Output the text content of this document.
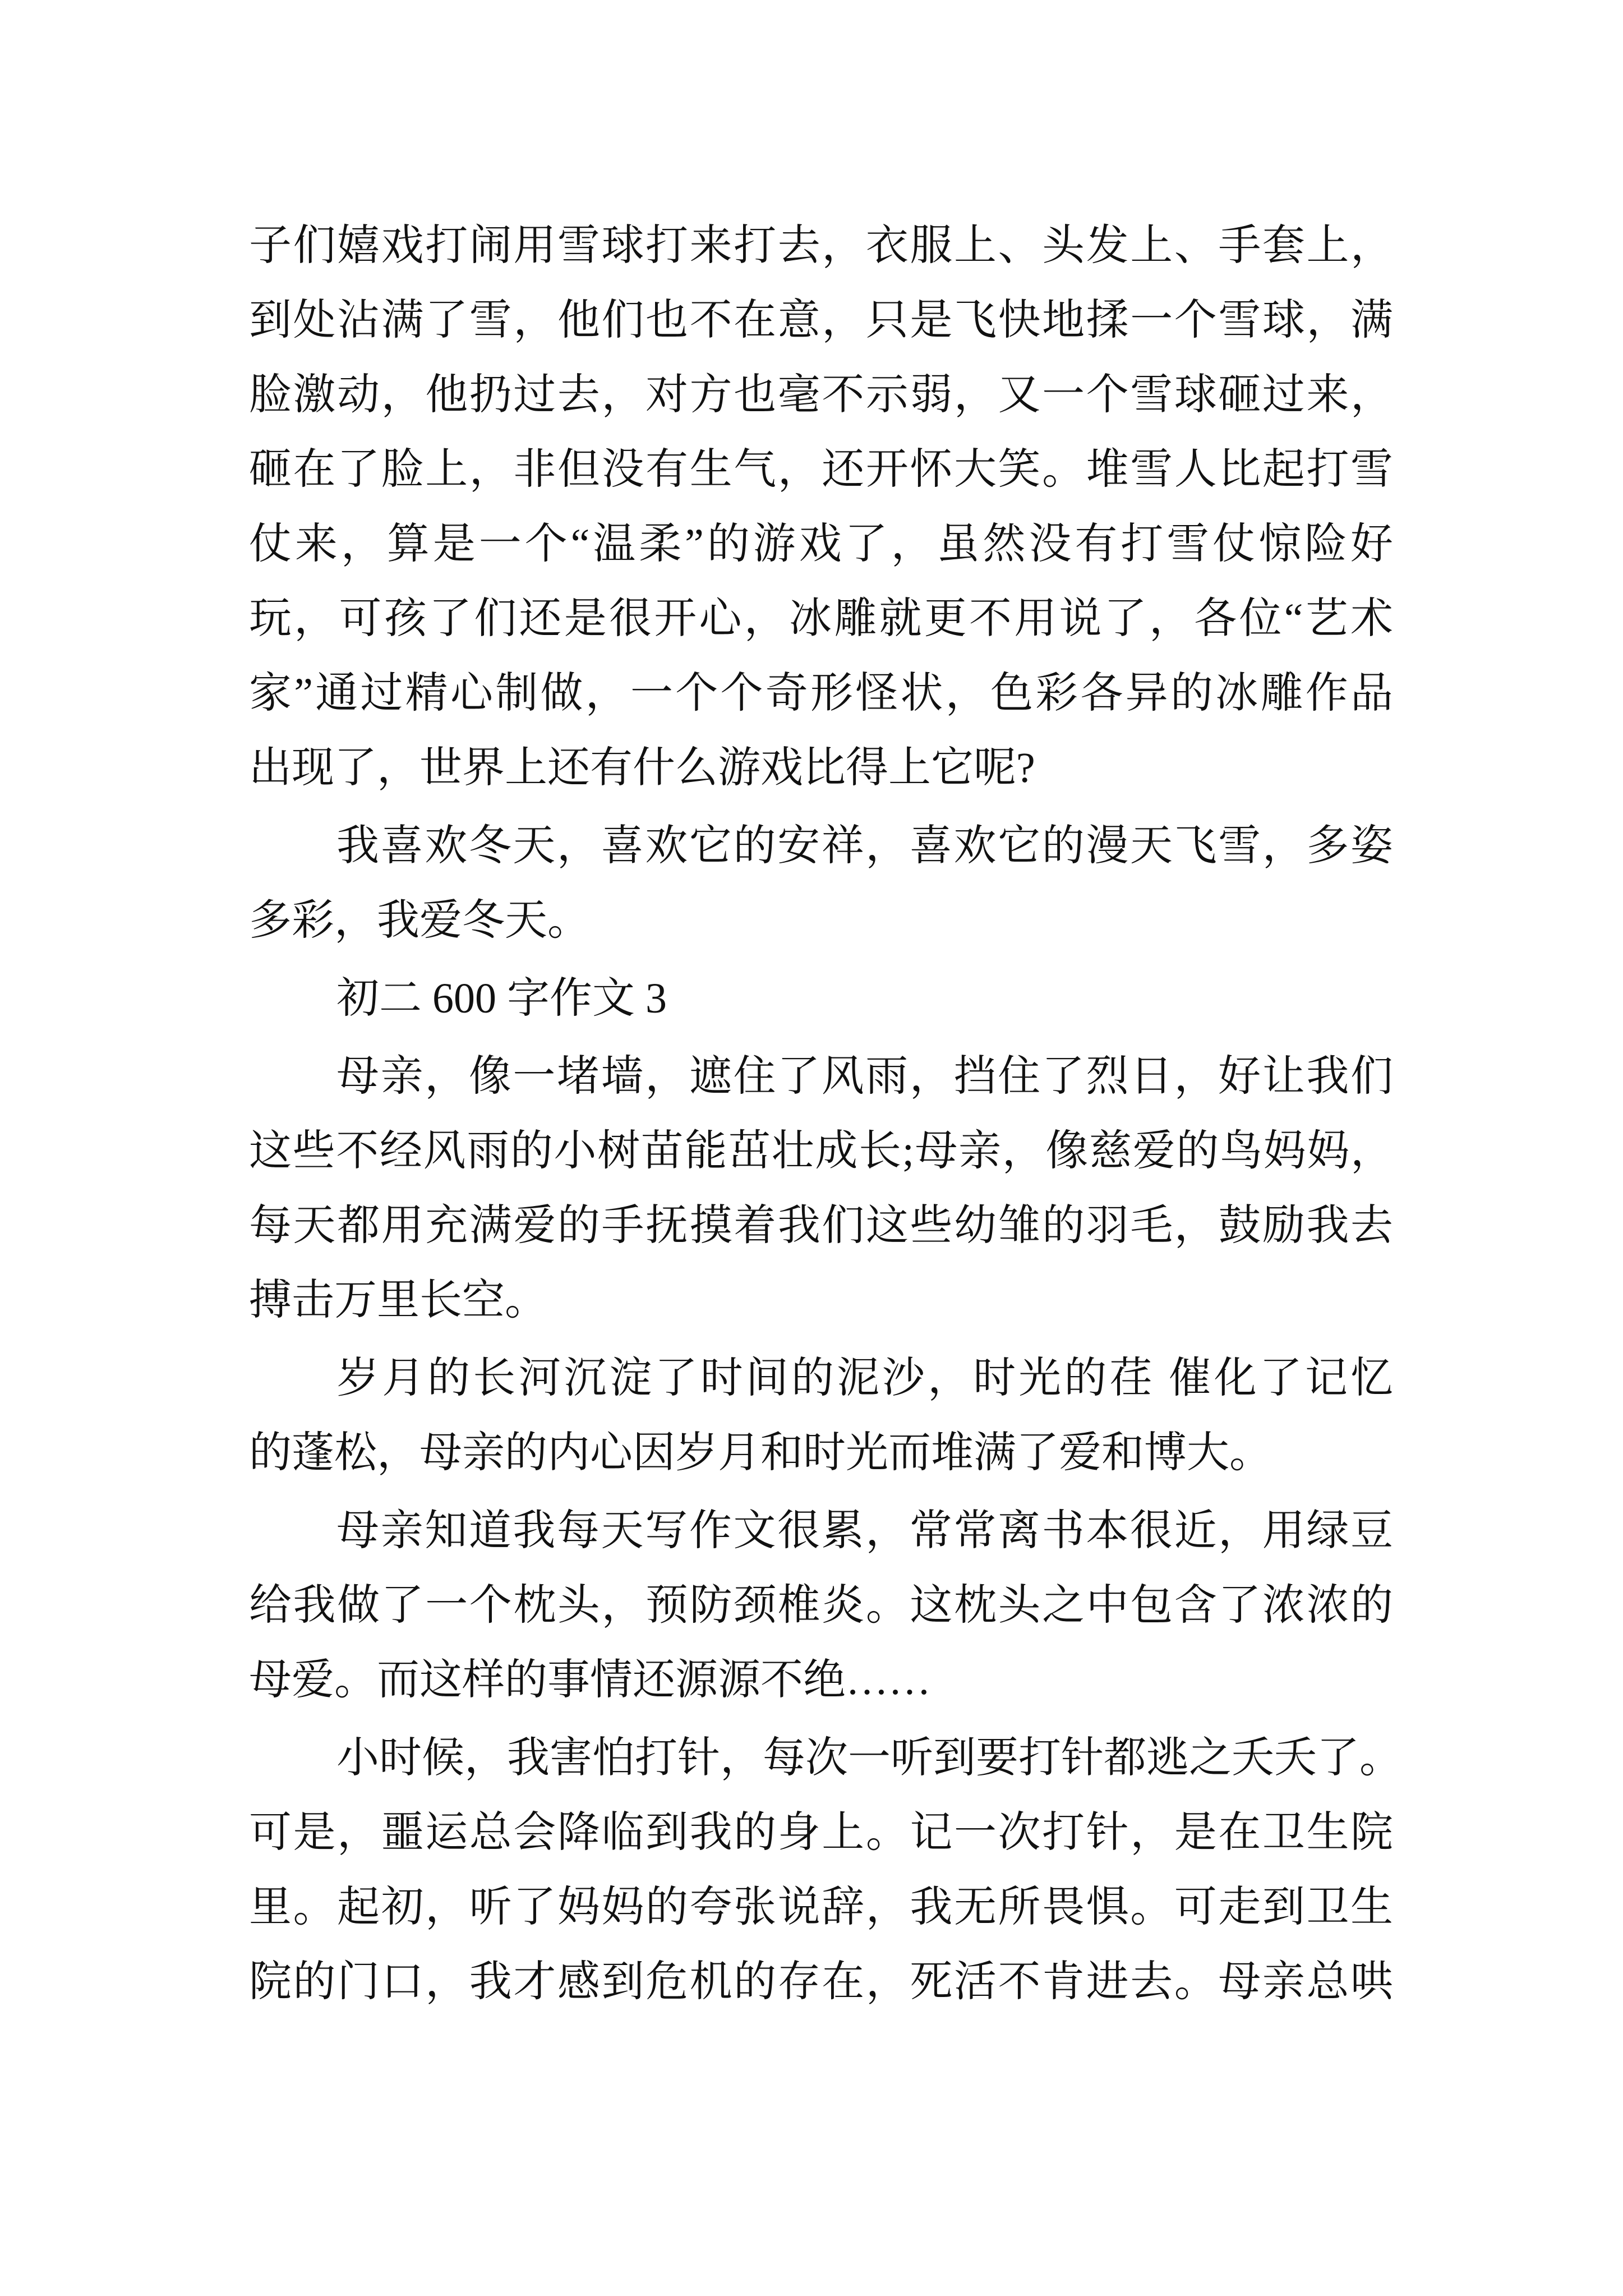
子们嬉戏打闹用雪球打来打去，衣服上、头发上、手套上，
到处沾满了雪，他们也不在意，只是飞快地揉一个雪球，满
脸激动，他扔过去，对方也毫不示弱，又一个雪球砸过来，
砸在了脸上，非但没有生气，还开怀大笑。堆雪人比起打雪
仗来，算是一个“温柔”的游戏了，虽然没有打雪仗惊险好
玩，可孩了们还是很开心，冰雕就更不用说了，各位“艺术
家”通过精心制做，一个个奇形怪状，色彩各异的冰雕作品
出现了，世界上还有什么游戏比得上它呢?
我喜欢冬天，喜欢它的安祥，喜欢它的漫天飞雪，多姿
多彩，我爱冬天。
初二 600 字作文 3
母亲，像一堵墙，遮住了风雨，挡住了烈日，好让我们
这些不经风雨的小树苗能茁壮成长;母亲，像慈爱的鸟妈妈，
每天都用充满爱的手抚摸着我们这些幼雏的羽毛，鼓励我去
搏击万里长空。
岁月的长河沉淀了时间的泥沙，时光的荏 催化了记忆
的蓬松，母亲的内心因岁月和时光而堆满了爱和博大。
母亲知道我每天写作文很累，常常离书本很近，用绿豆
给我做了一个枕头，预防颈椎炎。这枕头之中包含了浓浓的
母爱。而这样的事情还源源不绝……
小时候，我害怕打针，每次一听到要打针都逃之夭夭了。
可是，噩运总会降临到我的身上。记一次打针，是在卫生院
里。起初，听了妈妈的夸张说辞，我无所畏惧。可走到卫生
院的门口，我才感到危机的存在，死活不肯进去。母亲总哄
